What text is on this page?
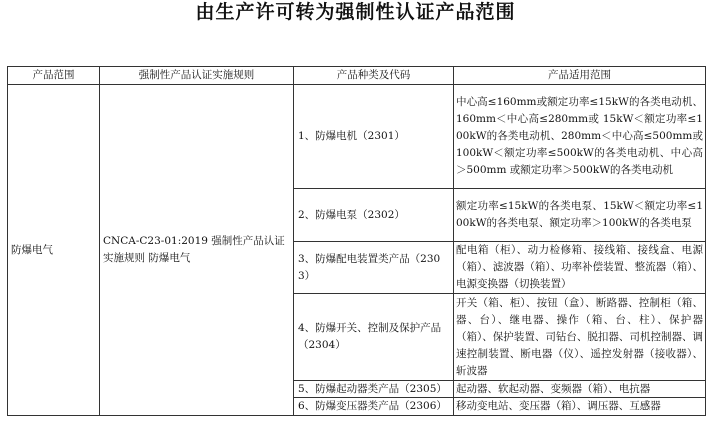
由生产许可转为强制性认证产品范围
产品范围	强制性产品认证实施规则	产品种类及代码	产品适用范围
防爆电气	CNCA-C23-01:2019 强制性产品认证实施规则 防爆电气	1、防爆电机（2301）	中心高≤160mm或额定功率≤15kW的各类电动机、160mm＜中心高≤280mm或 15kW＜额定功率≤100kW的各类电动机、280mm＜中心高≤500mm或 100kW＜额定功率≤500kW的各类电动机、中心高＞500mm 或额定功率＞500kW的各类电动机
		2、防爆电泵（2302）	额定功率≤15kW的各类电泵、15kW＜额定功率≤100kW的各类电泵、额定功率＞100kW的各类电泵
		3、防爆配电装置类产品（2303）	配电箱（柜）、动力检修箱、接线箱、接线盒、电源（箱）、滤波器（箱）、功率补偿装置、整流器（箱）、电源变换器（切换装置）
		4、防爆开关、控制及保护产品（2304）	开关（箱、柜）、按钮（盒）、断路器、控制柜（箱、器、台）、继电器、操作（箱、台、柱）、保护器（箱）、保护装置、司钻台、脱扣器、司机控制器、调速控制装置、断电器（仪）、遥控发射器（接收器）、斩波器
		5、防爆起动器类产品（2305）	起动器、软起动器、变频器（箱）、电抗器
		6、防爆变压器类产品（2306）	移动变电站、变压器（箱）、调压器、互感器
